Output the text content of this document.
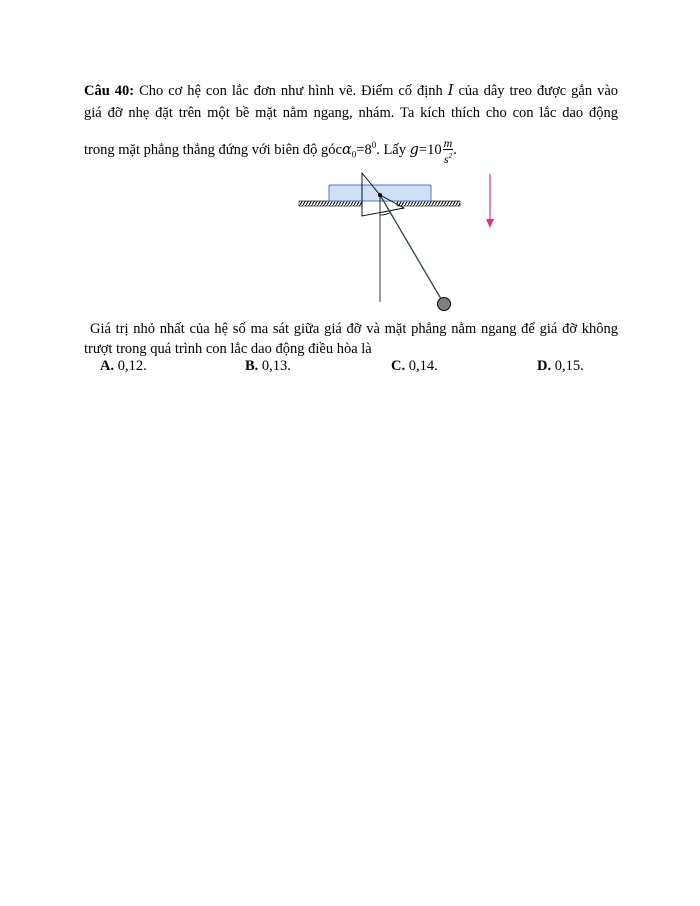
Câu 40: Cho cơ hệ con lắc đơn như hình vẽ. Điểm cố định I của dây treo được gắn vào
giá đỡ nhẹ đặt trên một bề mặt nằm ngang, nhám. Ta kích thích cho con lắc dao động
trong mặt phẳng thẳng đứng với biên độ $góc\alpha_0=8^0$. Lấy $g=10 \frac{m}{s^2}$ .
Giá trị nhỏ nhất của hệ số ma sát giữa giá đỡ và mặt phẳng nằm ngang để giá đỡ không
trượt trong quá trình con lắc dao động điều hòa là
A. 0,12.	B. 0,13.	C. 0,14.	D. 0,15.
